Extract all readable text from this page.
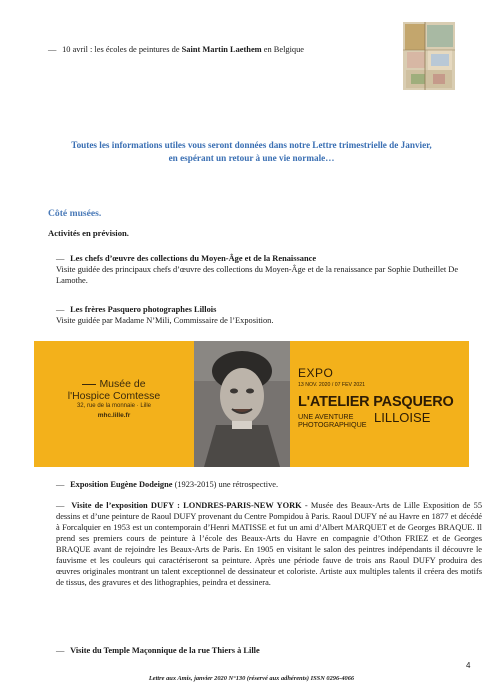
— 10 avril : les écoles de peintures de Saint Martin Laethem en Belgique
Toutes les informations utiles vous seront données dans notre Lettre trimestrielle de Janvier,
en espérant un retour à une vie normale…
Côté musées.
Activités en prévision.
— Les chefs d’œuvre des collections du Moyen-Âge et de la Renaissance
Visite guidée des principaux chefs d’œuvre des collections du Moyen-Âge et de la renaissance par Sophie Dutheillet De Lamothe.
— Les frères Pasquero photographes Lillois
Visite guidée par Madame N’Mili, Commissaire de l’Exposition.
Musée de
l'Hospice Comtesse
32, rue de la monnaie · Lille
mhc.lille.fr
EXPO
13 NOV. 2020 / 07 FEV 2021
L'ATELIER PASQUERO
UNE AVENTURE
PHOTOGRAPHIQUE LILLOISE
— Exposition Eugène Dodeigne (1923-2015) une rétrospective.
— Visite de l’exposition DUFY : LONDRES-PARIS-NEW YORK - Musée des Beaux-Arts de Lille Exposition de 55 dessins et d’une peinture de Raoul DUFY provenant du Centre Pompidou à Paris. Raoul DUFY né au Havre en 1877 et décédé à Forcalquier en 1953 est un contemporain d’Henri MATISSE et fut un ami d’Albert MARQUET et de Georges BRAQUE. Il prend ses premiers cours de peinture à l’école des Beaux-Arts du Havre en compagnie d’Othon FRIEZ et de Georges BRAQUE avant de rejoindre les Beaux-Arts de Paris. En 1905 en visitant le salon des peintres indépendants il découvre le fauvisme et les couleurs qui caractériseront sa peinture. Après une période fauve de trois ans Raoul DUFY produira des œuvres originales montrant un talent exceptionnel de dessinateur et coloriste. Artiste aux multiples talents il créera des motifs de tissus, des gravures et des lithographies, peindra et dessinera.
— Visite du Temple Maçonnique de la rue Thiers à Lille
4
Lettre aux Amis, janvier 2020 N°130 (réservé aux adhérents) ISSN 0296-4066
